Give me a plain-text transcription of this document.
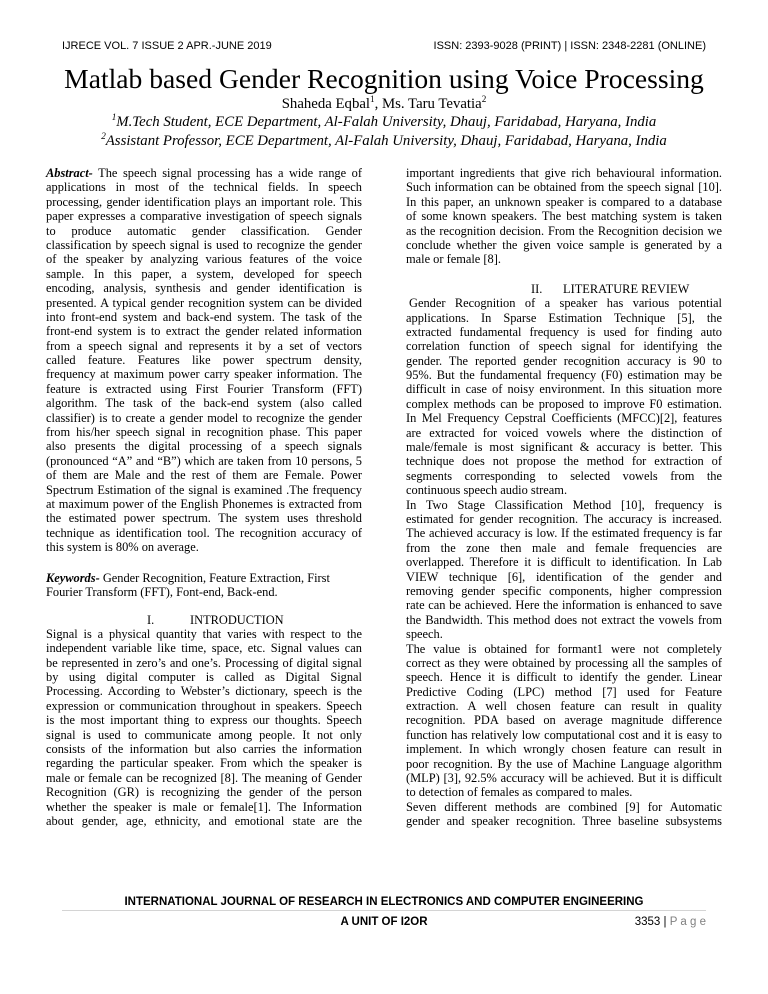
IJRECE VOL. 7 ISSUE 2 APR.-JUNE 2019	ISSN: 2393-9028 (PRINT) | ISSN: 2348-2281 (ONLINE)
Matlab based Gender Recognition using Voice Processing
Shaheda Eqbal$^1$, Ms. Taru Tevatia$^2$
$^1$M.Tech Student, ECE Department, Al-Falah University, Dhauj, Faridabad, Haryana, India
$^2$Assistant Professor, ECE Department, Al-Falah University, Dhauj, Faridabad, Haryana, India
Abstract- The speech signal processing has a wide range of
applications in most of the technical fields. In speech
processing, gender identification plays an important role. This
paper expresses a comparative investigation of speech signals
to produce automatic gender classification. Gender
classification by speech signal is used to recognize the gender
of the speaker by analyzing various features of the voice
sample. In this paper, a system, developed for speech
encoding, analysis, synthesis and gender identification is
presented. A typical gender recognition system can be divided
into front-end system and back-end system. The task of the
front-end system is to extract the gender related information
from a speech signal and represents it by a set of vectors
called feature. Features like power spectrum density,
frequency at maximum power carry speaker information. The
feature is extracted using First Fourier Transform (FFT)
algorithm. The task of the back-end system (also called
classifier) is to create a gender model to recognize the gender
from his/her speech signal in recognition phase. This paper
also presents the digital processing of a speech signals
(pronounced “A” and “B”) which are taken from 10 persons, 5
of them are Male and the rest of them are Female. Power
Spectrum Estimation of the signal is examined .The frequency
at maximum power of the English Phonemes is extracted from
the estimated power spectrum. The system uses threshold
technique as identification tool. The recognition accuracy of
this system is 80% on average.
Keywords- Gender Recognition, Feature Extraction, First
Fourier Transform (FFT), Font-end, Back-end.
I.	INTRODUCTION
Signal is a physical quantity that varies with respect to the
independent variable like time, space, etc. Signal values can
be represented in zero’s and one’s. Processing of digital signal
by using digital computer is called as Digital Signal
Processing. According to Webster’s dictionary, speech is the
expression or communication throughout in speakers. Speech
is the most important thing to express our thoughts. Speech
signal is used to communicate among people. It not only
consists of the information but also carries the information
regarding the particular speaker. From which the speaker is
male or female can be recognized [8]. The meaning of Gender
Recognition (GR) is recognizing the gender of the person
whether the speaker is male or female[1]. The Information
about gender, age, ethnicity, and emotional state are the
important ingredients that give rich behavioural information.
Such information can be obtained from the speech signal [10].
In this paper, an unknown speaker is compared to a database
of some known speakers. The best matching system is taken
as the recognition decision. From the Recognition decision we
conclude whether the given voice sample is generated by a
male or female [8].
II. LITERATURE REVIEW
Gender Recognition of a speaker has various potential
applications. In Sparse Estimation Technique [5], the
extracted fundamental frequency is used for finding auto
correlation function of speech signal for identifying the
gender. The reported gender recognition accuracy is 90 to
95%. But the fundamental frequency (F0) estimation may be
difficult in case of noisy environment. In this situation more
complex methods can be proposed to improve F0 estimation.
In Mel Frequency Cepstral Coefficients (MFCC)[2], features
are extracted for voiced vowels where the distinction of
male/female is most significant & accuracy is better. This
technique does not propose the method for extraction of
segments corresponding to selected vowels from the
continuous speech audio stream.
In Two Stage Classification Method [10], frequency is
estimated for gender recognition. The accuracy is increased.
The achieved accuracy is low. If the estimated frequency is far
from the zone then male and female frequencies are
overlapped. Therefore it is difficult to identification. In Lab
VIEW technique [6], identification of the gender and
removing gender specific components, higher compression
rate can be achieved. Here the information is enhanced to save
the Bandwidth. This method does not extract the vowels from
speech.
The value is obtained for formant1 were not completely
correct as they were obtained by processing all the samples of
speech. Hence it is difficult to identify the gender. Linear
Predictive Coding (LPC) method [7] used for Feature
extraction. A well chosen feature can result in quality
recognition. PDA based on average magnitude difference
function has relatively low computational cost and it is easy to
implement. In which wrongly chosen feature can result in
poor recognition. By the use of Machine Language algorithm
(MLP) [3], 92.5% accuracy will be achieved. But it is difficult
to detection of females as compared to males.
Seven different methods are combined [9] for Automatic
gender and speaker recognition. Three baseline subsystems
INTERNATIONAL JOURNAL OF RESEARCH IN ELECTRONICS AND COMPUTER ENGINEERING
A UNIT OF I2OR	3353 | P a g e
